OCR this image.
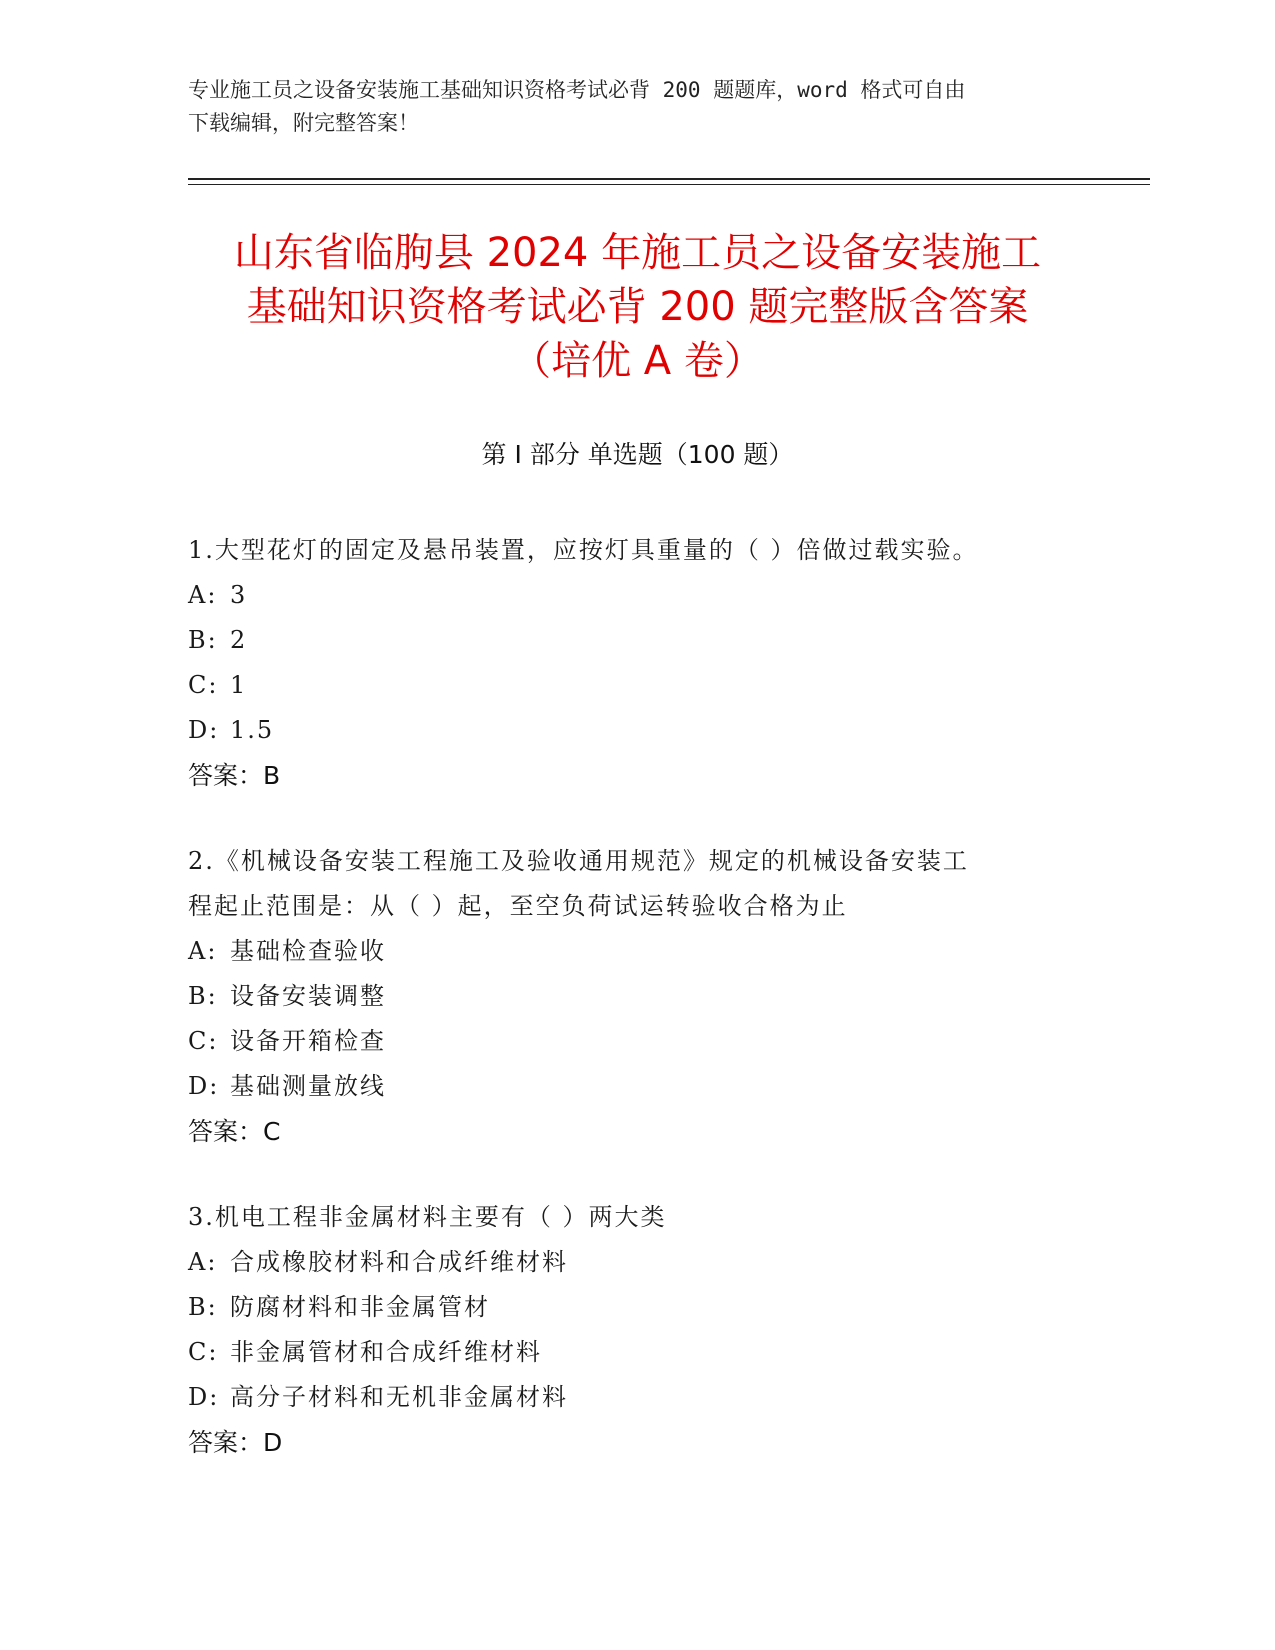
专业施工员之设备安装施工基础知识资格考试必背 200 题题库，word 格式可自由
下载编辑，附完整答案！
山东省临朐县 2024 年施工员之设备安装施工
基础知识资格考试必背 200 题完整版含答案
（培优 A 卷）
第 I 部分 单选题（100 题）
1.大型花灯的固定及悬吊装置，应按灯具重量的（ ）倍做过载实验。
A: 3
B: 2
C: 1
D: 1.5
答案：B
2.《机械设备安装工程施工及验收通用规范》规定的机械设备安装工
程起止范围是：从（ ）起，至空负荷试运转验收合格为止
A: 基础检查验收
B: 设备安装调整
C: 设备开箱检查
D: 基础测量放线
答案：C
3.机电工程非金属材料主要有（ ）两大类
A: 合成橡胶材料和合成纤维材料
B: 防腐材料和非金属管材
C: 非金属管材和合成纤维材料
D: 高分子材料和无机非金属材料
答案：D
